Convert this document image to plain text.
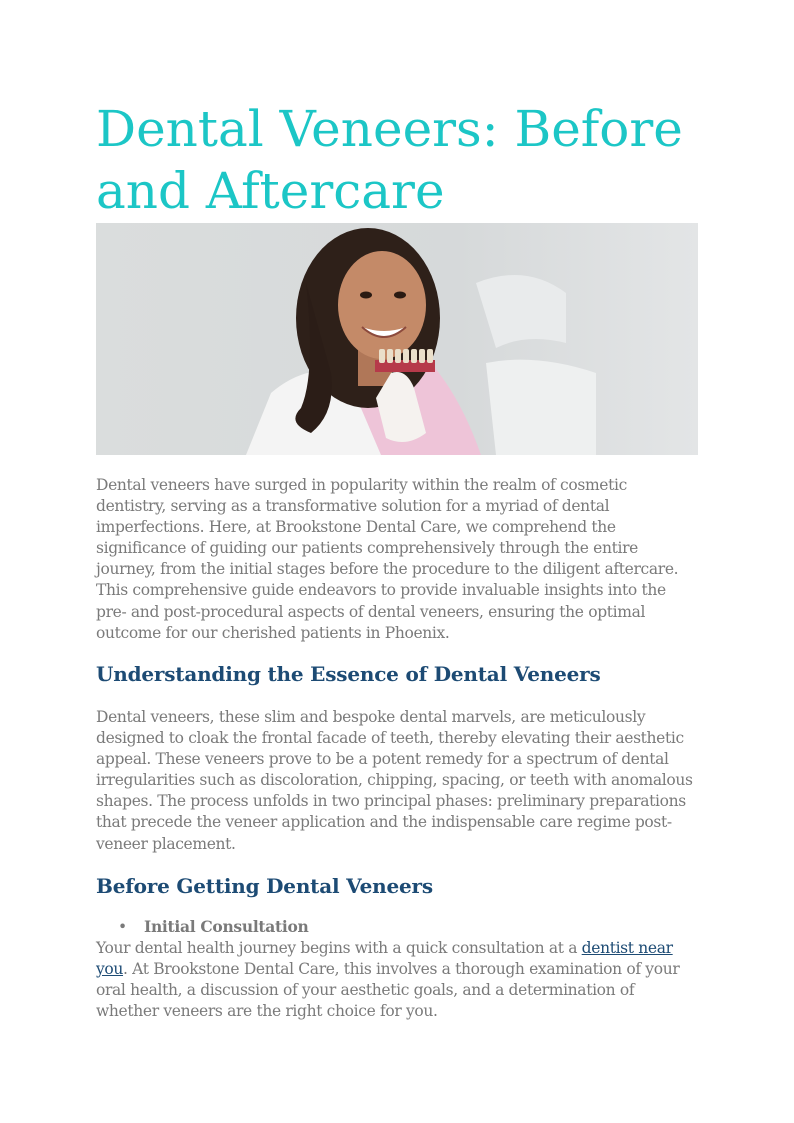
Dental Veneers: Before and Aftercare

Dental veneers have surged in popularity within the realm of cosmetic dentistry, serving as a transformative solution for a myriad of dental imperfections. Here, at Brookstone Dental Care, we comprehend the significance of guiding our patients comprehensively through the entire journey, from the initial stages before the procedure to the diligent aftercare. This comprehensive guide endeavors to provide invaluable insights into the pre- and post-procedural aspects of dental veneers, ensuring the optimal outcome for our cherished patients in Phoenix.

Understanding the Essence of Dental Veneers

Dental veneers, these slim and bespoke dental marvels, are meticulously designed to cloak the frontal facade of teeth, thereby elevating their aesthetic appeal. These veneers prove to be a potent remedy for a spectrum of dental irregularities such as discoloration, chipping, spacing, or teeth with anomalous shapes. The process unfolds in two principal phases: preliminary preparations that precede the veneer application and the indispensable care regime post-veneer placement.

Before Getting Dental Veneers
• Initial Consultation

Your dental health journey begins with a quick consultation at a dentist near you. At Brookstone Dental Care, this involves a thorough examination of your oral health, a discussion of your aesthetic goals, and a determination of whether veneers are the right choice for you.
